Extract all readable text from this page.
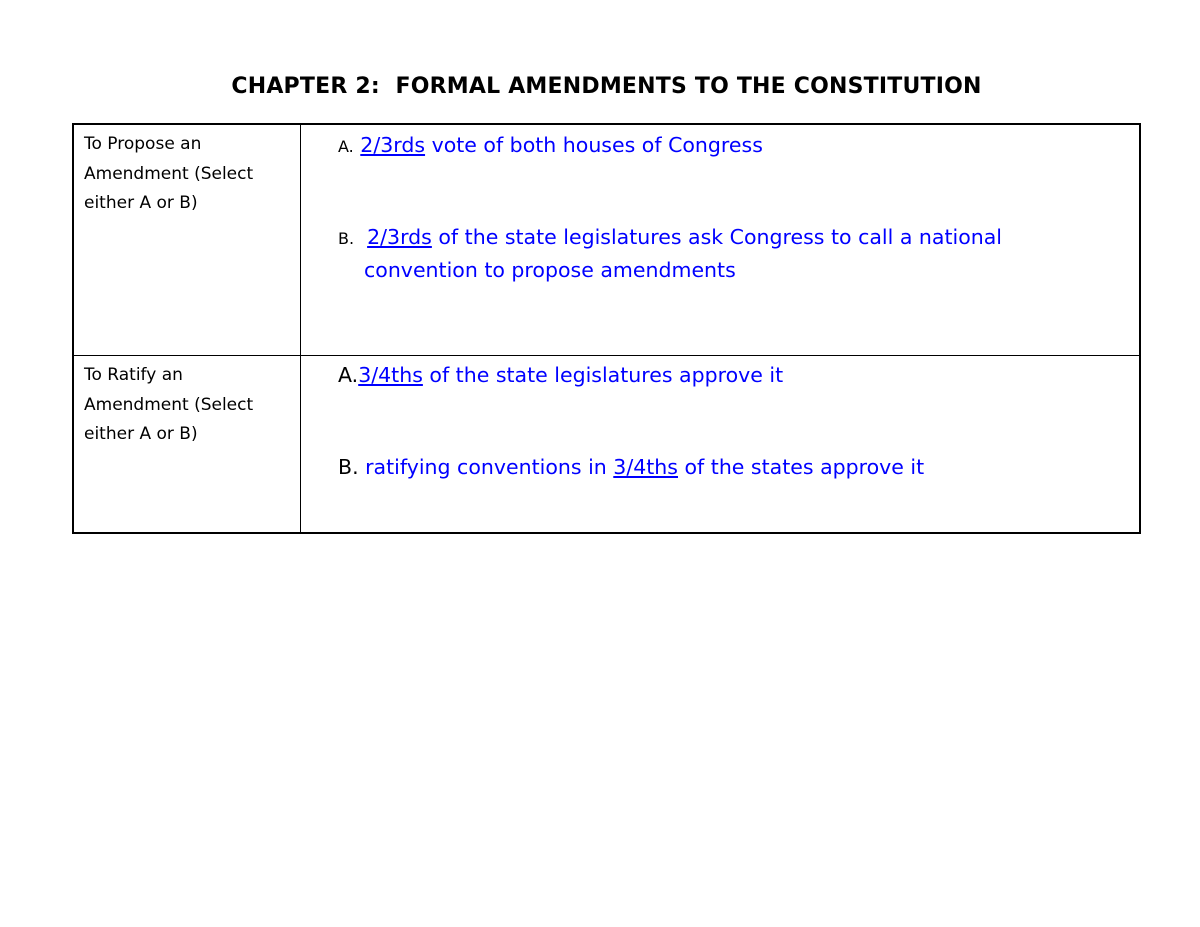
CHAPTER 2:  FORMAL AMENDMENTS TO THE CONSTITUTION
To Propose an Amendment (Select either A or B)
A. 2/3rds vote of both houses of Congress
B. 2/3rds of the state legislatures ask Congress to call a national
convention to propose amendments
To Ratify an Amendment (Select either A or B)
A.3/4ths of the state legislatures approve it
B. ratifying conventions in 3/4ths of the states approve it
